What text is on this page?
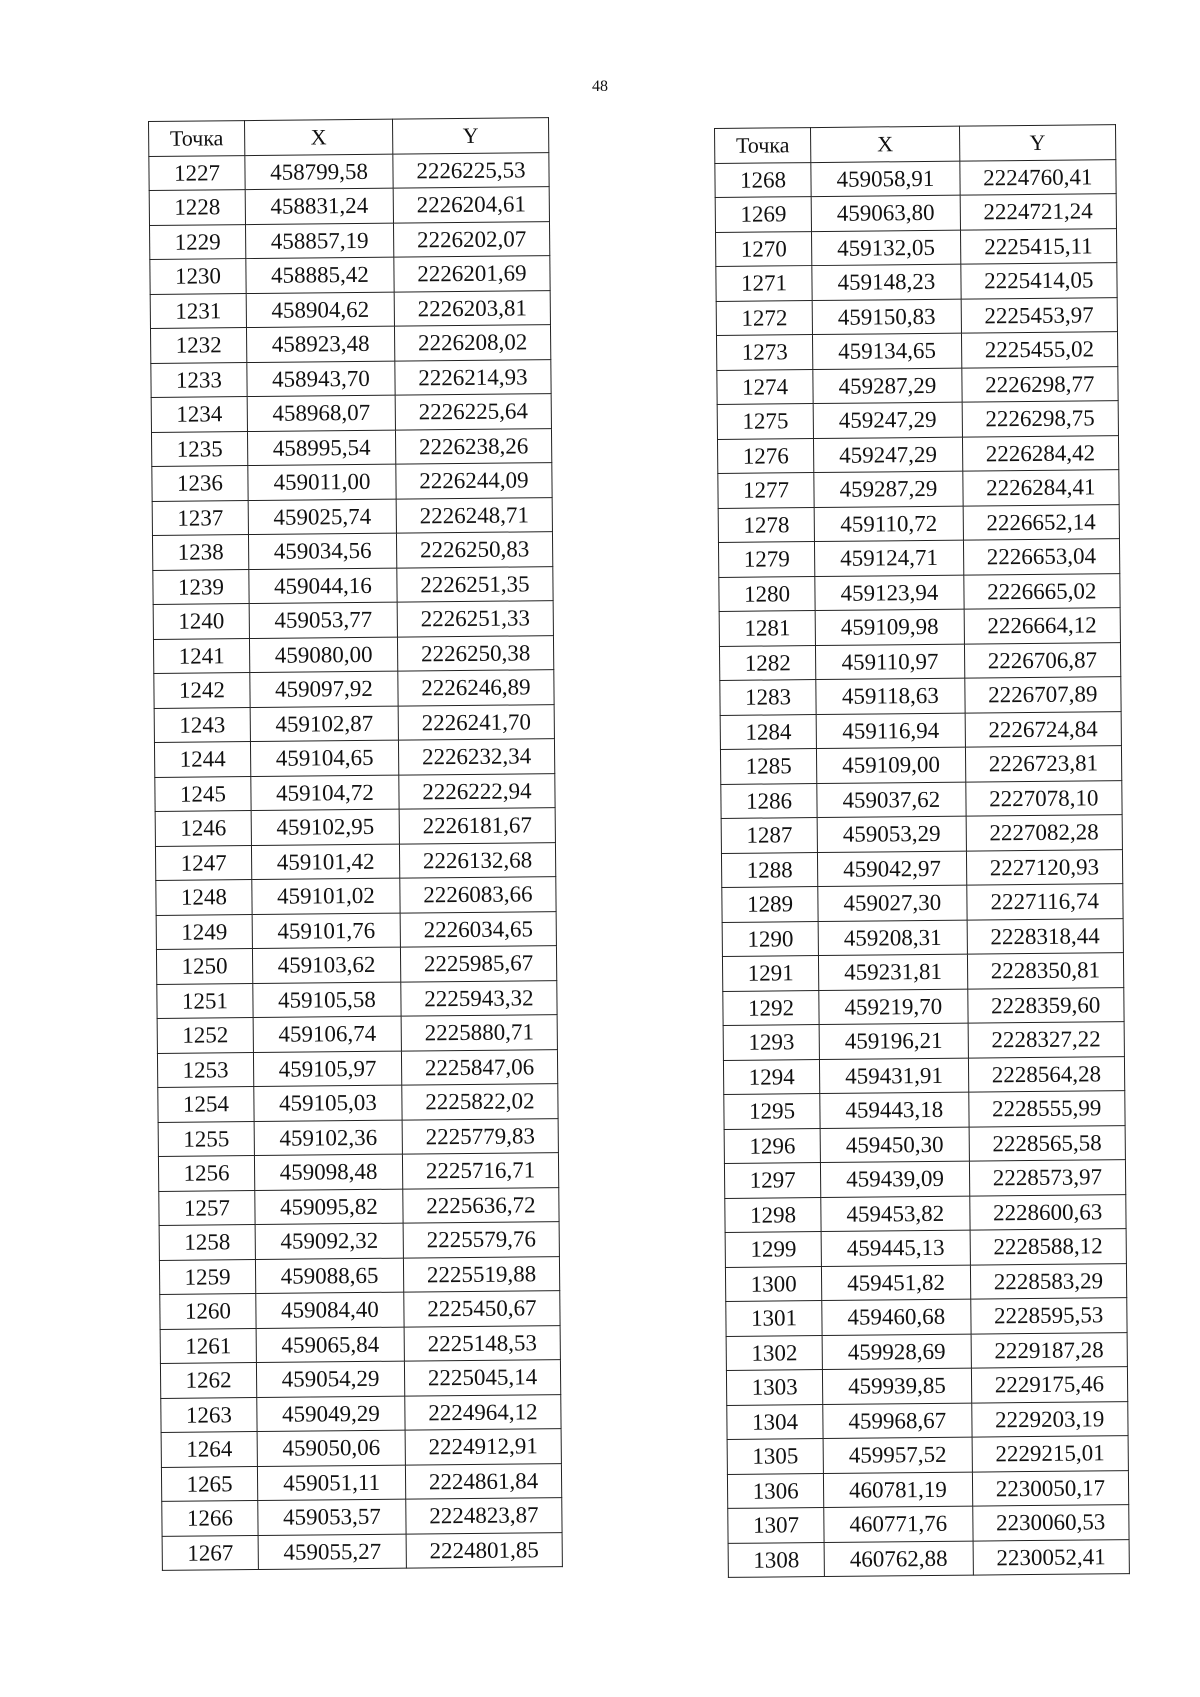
48
Точка	X	Y
1227	458799,58	2226225,53
1228	458831,24	2226204,61
1229	458857,19	2226202,07
1230	458885,42	2226201,69
1231	458904,62	2226203,81
1232	458923,48	2226208,02
1233	458943,70	2226214,93
1234	458968,07	2226225,64
1235	458995,54	2226238,26
1236	459011,00	2226244,09
1237	459025,74	2226248,71
1238	459034,56	2226250,83
1239	459044,16	2226251,35
1240	459053,77	2226251,33
1241	459080,00	2226250,38
1242	459097,92	2226246,89
1243	459102,87	2226241,70
1244	459104,65	2226232,34
1245	459104,72	2226222,94
1246	459102,95	2226181,67
1247	459101,42	2226132,68
1248	459101,02	2226083,66
1249	459101,76	2226034,65
1250	459103,62	2225985,67
1251	459105,58	2225943,32
1252	459106,74	2225880,71
1253	459105,97	2225847,06
1254	459105,03	2225822,02
1255	459102,36	2225779,83
1256	459098,48	2225716,71
1257	459095,82	2225636,72
1258	459092,32	2225579,76
1259	459088,65	2225519,88
1260	459084,40	2225450,67
1261	459065,84	2225148,53
1262	459054,29	2225045,14
1263	459049,29	2224964,12
1264	459050,06	2224912,91
1265	459051,11	2224861,84
1266	459053,57	2224823,87
1267	459055,27	2224801,85
Точка	X	Y
1268	459058,91	2224760,41
1269	459063,80	2224721,24
1270	459132,05	2225415,11
1271	459148,23	2225414,05
1272	459150,83	2225453,97
1273	459134,65	2225455,02
1274	459287,29	2226298,77
1275	459247,29	2226298,75
1276	459247,29	2226284,42
1277	459287,29	2226284,41
1278	459110,72	2226652,14
1279	459124,71	2226653,04
1280	459123,94	2226665,02
1281	459109,98	2226664,12
1282	459110,97	2226706,87
1283	459118,63	2226707,89
1284	459116,94	2226724,84
1285	459109,00	2226723,81
1286	459037,62	2227078,10
1287	459053,29	2227082,28
1288	459042,97	2227120,93
1289	459027,30	2227116,74
1290	459208,31	2228318,44
1291	459231,81	2228350,81
1292	459219,70	2228359,60
1293	459196,21	2228327,22
1294	459431,91	2228564,28
1295	459443,18	2228555,99
1296	459450,30	2228565,58
1297	459439,09	2228573,97
1298	459453,82	2228600,63
1299	459445,13	2228588,12
1300	459451,82	2228583,29
1301	459460,68	2228595,53
1302	459928,69	2229187,28
1303	459939,85	2229175,46
1304	459968,67	2229203,19
1305	459957,52	2229215,01
1306	460781,19	2230050,17
1307	460771,76	2230060,53
1308	460762,88	2230052,41
